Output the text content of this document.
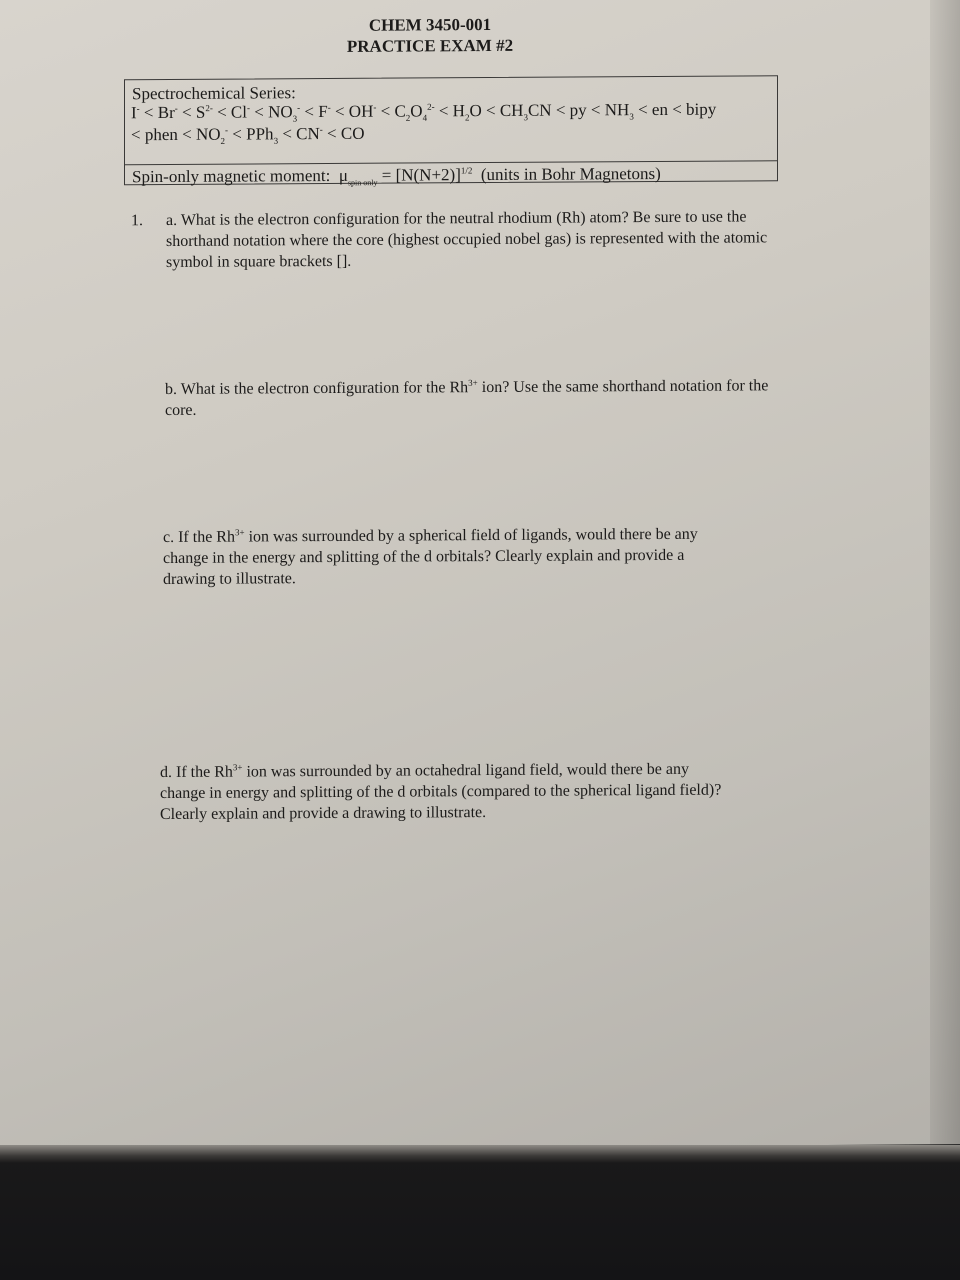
CHEM 3450-001
PRACTICE EXAM #2
Spectrochemical Series:
$I^- < Br^- < S^{2-} < Cl^- < NO_3^- < F^- < OH^- < C_2O_4^{2-} < H_2O < CH_3CN$ < py < $NH_3$ < en < bipy
< phen < $NO_2^- < PPh_3 < CN^-$ < CO
Spin-only magnetic moment: $\mu_{spin only} = [N(N+2)]^{1/2}$ (units in Bohr Magnetons)
1. a. What is the electron configuration for the neutral rhodium (Rh) atom? Be sure to use the
shorthand notation where the core (highest occupied nobel gas) is represented with the atomic
symbol in square brackets [].
b. What is the electron configuration for the $Rh^{3+}$ ion? Use the same shorthand notation for the
core.
c. If the $Rh^{3+}$ ion was surrounded by a spherical field of ligands, would there be any
change in the energy and splitting of the d orbitals? Clearly explain and provide a
drawing to illustrate.
d. If the $Rh^{3+}$ ion was surrounded by an octahedral ligand field, would there be any
change in energy and splitting of the d orbitals (compared to the spherical ligand field)?
Clearly explain and provide a drawing to illustrate.
